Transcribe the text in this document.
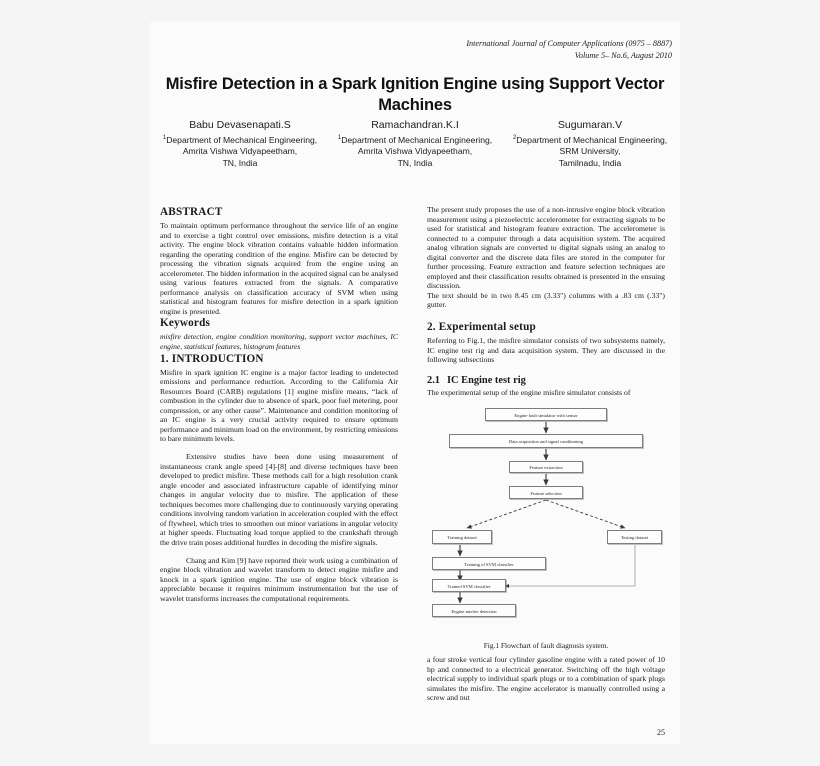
International Journal of Computer Applications (0975 – 8887)
Volume 5– No.6, August 2010
Misfire Detection in a Spark Ignition Engine using Support Vector Machines
Babu Devasenapati.S
$^1$Department of Mechanical Engineering,
Amrita Vishwa Vidyapeetham,
TN, India
Ramachandran.K.I
$^1$Department of Mechanical Engineering,
Amrita Vishwa Vidyapeetham,
TN, India
Sugumaran.V
$^2$Department of Mechanical Engineering,
SRM University,
Tamilnadu, India
ABSTRACT

To maintain optimum performance throughout the service life of an engine and to exercise a tight control over emissions, misfire detection is a vital activity. The engine block vibration contains valuable hidden information regarding the operating condition of the engine. Misfire can be detected by processing the vibration signals acquired from the engine using an accelerometer. The hidden information in the acquired signal can be analysed using various features extracted from the signals. A comparative performance analysis on classification accuracy of SVM when using statistical and histogram features for misfire detection in a spark ignition engine is presented.

Keywords

misfire detection, engine condition monitoring, support vector machines, IC engine, statistical features, histogram features

1. INTRODUCTION

Misfire in spark ignition IC engine is a major factor leading to undetected emissions and performance reduction. According to the California Air Resources Board (CARB) regulations [1] engine misfire means, “lack of combustion in the cylinder due to absence of spark, poor fuel metering, poor compression, or any other cause”. Maintenance and condition monitoring of an IC engine is a very crucial activity required to ensure optimum performance and minimum load on the environment, by restricting emissions to bare minimum levels.

Extensive studies have been done using measurement of instantaneous crank angle speed [4]-[8] and diverse techniques have been developed to predict misfire. These methods call for a high resolution crank angle encoder and associated infrastructure capable of identifying minor changes in angular velocity due to misfire. The application of these techniques becomes more challenging due to continuously varying operating conditions involving random variation in acceleration coupled with the effect of flywheel, which tries to smoothen out minor variations in angular velocity at higher speeds. Fluctuating load torque applied to the crankshaft through the drive train poses additional hurdles in decoding the misfire signals.

Chang and Kim [9] have reported their work using a combination of engine block vibration and wavelet transform to detect engine misfire and knock in a spark ignition engine. The use of engine block vibration is appreciable because it requires minimum instrumentation but the use of wavelet transforms increases the computational requirements.

The present study proposes the use of a non-intrusive engine block vibration measurement using a piezoelectric accelerometer for extracting signals to be used for statistical and histogram feature extraction. The accelerometer is connected to a computer through a data acquisition system. The acquired analog vibration signals are converted to digital signals using an analog to digital converter and the discrete data files are stored in the computer for further processing. Feature extraction and feature selection techniques are employed and their classification results obtained is presented in the ensuing discussion.

The text should be in two 8.45 cm (3.33") columns with a .83 cm (.33") gutter.

2. Experimental setup

Referring to Fig.1, the misfire simulator consists of two subsystems namely, IC engine test rig and data acquisition system. They are discussed in the following subsections

2.1 IC Engine test rig

The experimental setup of the engine misfire simulator consists of

Engine fault simulator with sensor
Data acquisition and signal conditioning
Feature extraction
Feature selection
Training dataset	Testing dataset
Training of SVM classifier
Trained SVM classifier
Engine misfire detection
Fig.1 Flowchart of fault diagnosis system.

a four stroke vertical four cylinder gasoline engine with a rated power of 10 hp and connected to a electrical generator. Switching off the high voltage electrical supply to individual spark plugs or to a combination of spark plugs simulates the misfire. The engine accelerator is manually controlled using a screw and nut

25
